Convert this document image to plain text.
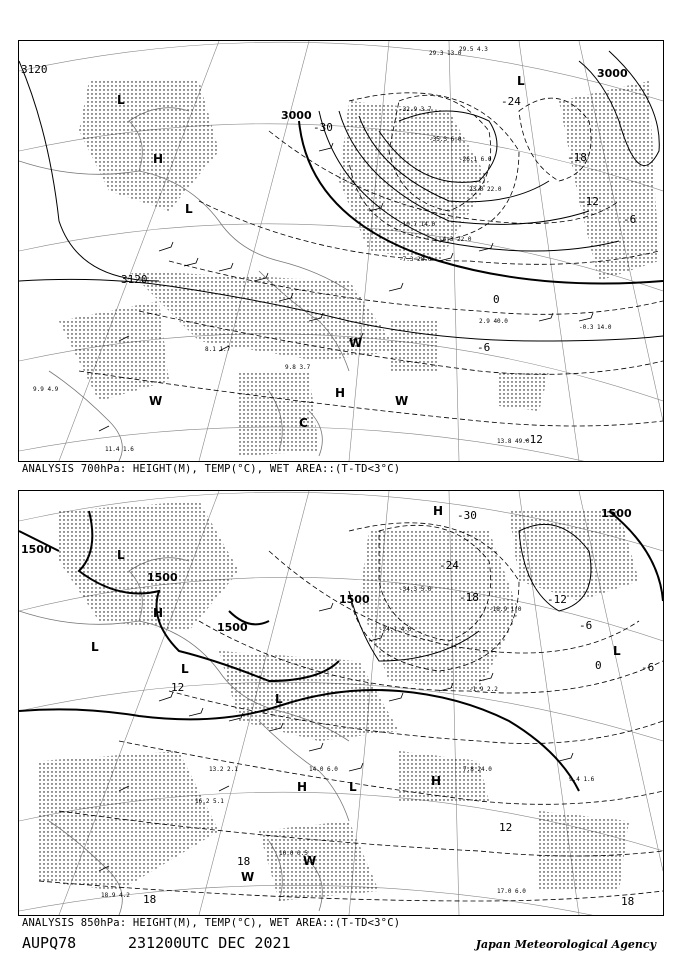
3120
3000
3000
3120
-30
-24
-18
-12
-6
0
-6
-12
L
L
L
H
H
W
W
W
C
29.3 13.0
29.5 4.3
-32.9 3.7
-35.3 6.0
-26.1 6.0
23.0 22.0
-10.7 14.0
-7.3 28.0
-4.3 22.0
2.9 40.0
-0.3 14.0
8.1 1.7
9.8 3.7
13.8 49.0
11.4 1.6
9.9 4.9
ANALYSIS 700hPa: HEIGHT(M), TEMP(°C), WET AREA::(T-TD<3°C)
1500
1500
1500
1500
1500
-30
-24
-18	-12
-6
0	-6
12
12
18
18	18
L
L
L
L
L
L
H
H
H	H
W
W
-34.3 5.0
-24.1 4.0
-18.9 1.0
-1.9 2.2
7.8 24.0
9.4 1.6
13.2 2.1	14.0 6.0
16.2 5.1
17.0 6.0
18.9 4.2
10.0 0.5
ANALYSIS 850hPa: HEIGHT(M), TEMP(°C), WET AREA::(T-TD<3°C)
AUPQ78	231200UTC DEC 2021	Japan Meteorological Agency
